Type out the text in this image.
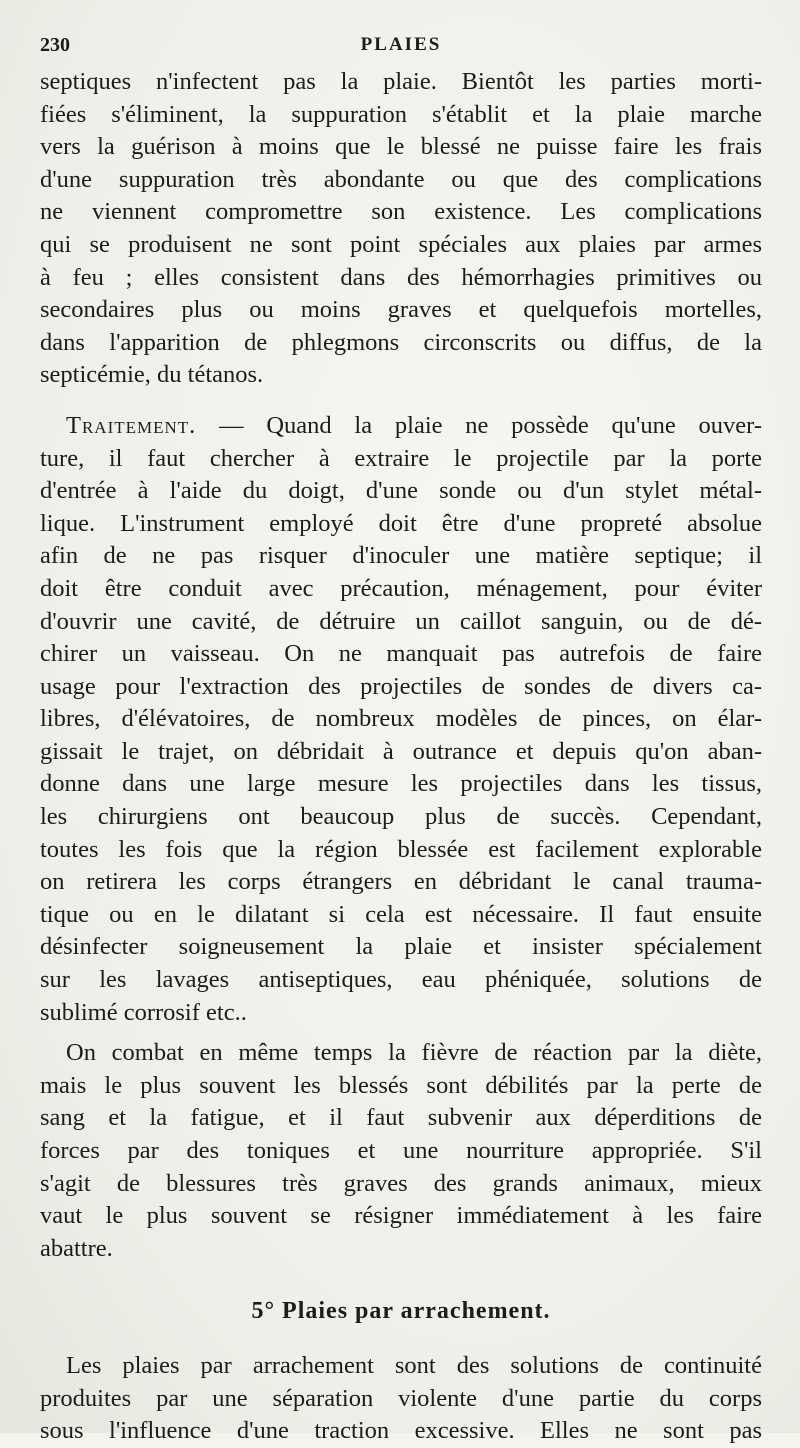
230	PLAIES
septiques n'infectent pas la plaie. Bientôt les parties morti-
fiées s'éliminent, la suppuration s'établit et la plaie marche
vers la guérison à moins que le blessé ne puisse faire les frais
d'une suppuration très abondante ou que des complications
ne viennent compromettre son existence. Les complications
qui se produisent ne sont point spéciales aux plaies par armes
à feu ; elles consistent dans des hémorrhagies primitives ou
secondaires plus ou moins graves et quelquefois mortelles,
dans l'apparition de phlegmons circonscrits ou diffus, de la
septicémie, du tétanos.
Traitement. — Quand la plaie ne possède qu'une ouver-
ture, il faut chercher à extraire le projectile par la porte
d'entrée à l'aide du doigt, d'une sonde ou d'un stylet métal-
lique. L'instrument employé doit être d'une propreté absolue
afin de ne pas risquer d'inoculer une matière septique; il
doit être conduit avec précaution, ménagement, pour éviter
d'ouvrir une cavité, de détruire un caillot sanguin, ou de dé-
chirer un vaisseau. On ne manquait pas autrefois de faire
usage pour l'extraction des projectiles de sondes de divers ca-
libres, d'élévatoires, de nombreux modèles de pinces, on élar-
gissait le trajet, on débridait à outrance et depuis qu'on aban-
donne dans une large mesure les projectiles dans les tissus,
les chirurgiens ont beaucoup plus de succès. Cependant,
toutes les fois que la région blessée est facilement explorable
on retirera les corps étrangers en débridant le canal trauma-
tique ou en le dilatant si cela est nécessaire. Il faut ensuite
désinfecter soigneusement la plaie et insister spécialement
sur les lavages antiseptiques, eau phéniquée, solutions de
sublimé corrosif etc..
On combat en même temps la fièvre de réaction par la diète,
mais le plus souvent les blessés sont débilités par la perte de
sang et la fatigue, et il faut subvenir aux déperditions de
forces par des toniques et une nourriture appropriée. S'il
s'agit de blessures très graves des grands animaux, mieux
vaut le plus souvent se résigner immédiatement à les faire
abattre.
5° Plaies par arrachement.
Les plaies par arrachement sont des solutions de continuité
produites par une séparation violente d'une partie du corps
sous l'influence d'une traction excessive. Elles ne sont pas
